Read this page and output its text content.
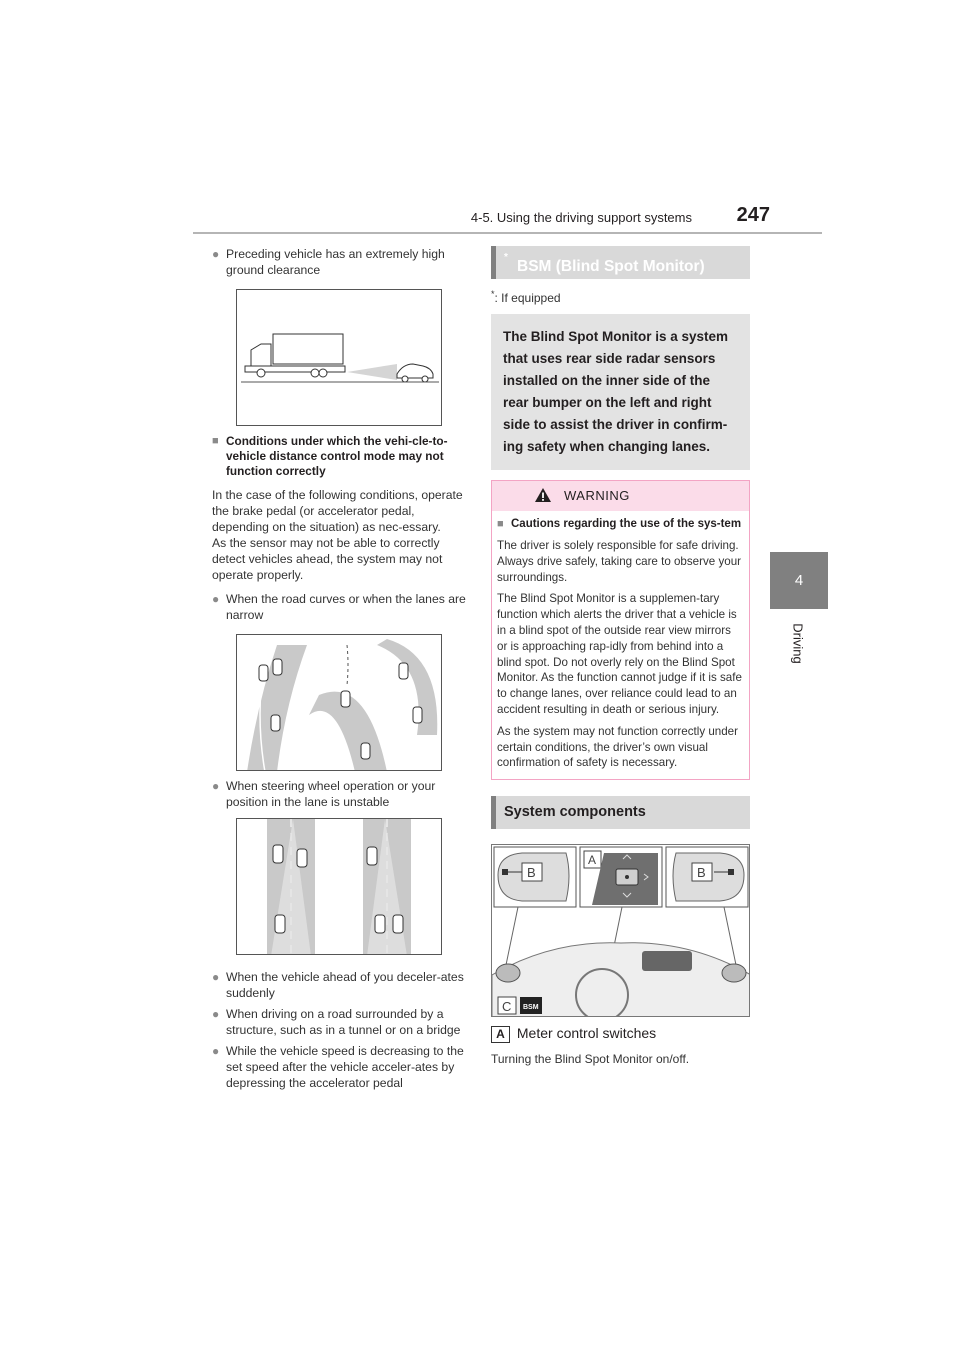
4-5. Using the driving support systems 247
4
Driving
● Preceding vehicle has an extremely high ground clearance
■ Conditions under which the vehi-cle-to-vehicle distance control mode may not function correctly

In the case of the following conditions, operate the brake pedal (or accelerator pedal, depending on the situation) as nec-essary.

As the sensor may not be able to correctly detect vehicles ahead, the system may not operate properly.

● When the road curves or when the lanes are narrow
● When steering wheel operation or your position in the lane is unstable
● When the vehicle ahead of you deceler-ates suddenly
● When driving on a road surrounded by a structure, such as in a tunnel or on a bridge
● While the vehicle speed is decreasing to the set speed after the vehicle acceler-ates by depressing the accelerator pedal
BSM (Blind Spot Monitor)
*

*: If equipped

The Blind Spot Monitor is a system that uses rear side radar sensors installed on the inner side of the rear bumper on the left and right side to assist the driver in confirm-ing safety when changing lanes.
WARNING
■ Cautions regarding the use of the sys-tem

The driver is solely responsible for safe driving. Always drive safely, taking care to observe your surroundings.

The Blind Spot Monitor is a supplemen-tary function which alerts the driver that a vehicle is in a blind spot of the outside rear view mirrors or is approaching rap-idly from behind into a blind spot. Do not overly rely on the Blind Spot Monitor. As the function cannot judge if it is safe to change lanes, over reliance could lead to an accident resulting in death or serious injury.

As the system may not function correctly under certain conditions, the driver’s own visual confirmation of safety is necessary.

System components
B
A
B
C BSM
A Meter control switches

Turning the Blind Spot Monitor on/off.
